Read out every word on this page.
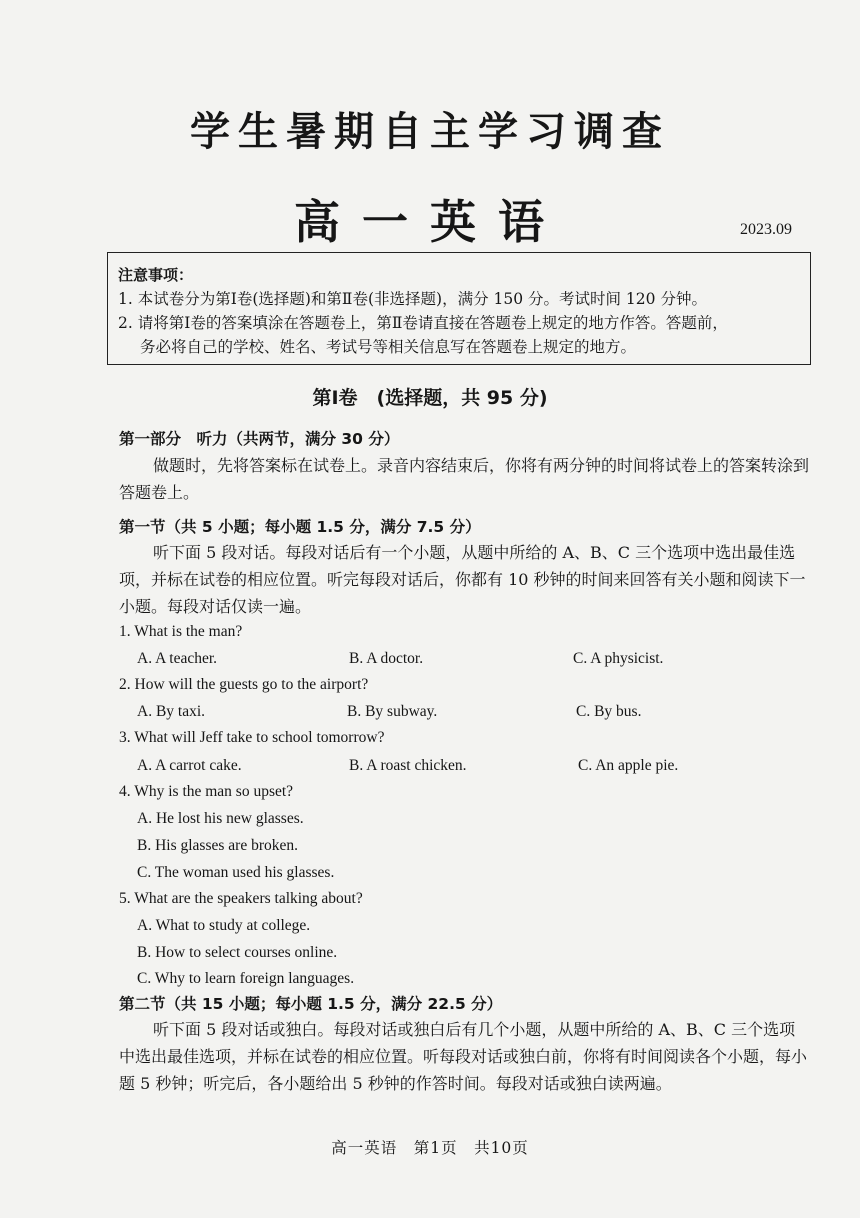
学生暑期自主学习调查
高一英语	2023.09
注意事项：
1. 本试卷分为第Ⅰ卷(选择题)和第Ⅱ卷(非选择题)，满分 150 分。考试时间 120 分钟。
2. 请将第Ⅰ卷的答案填涂在答题卷上，第Ⅱ卷请直接在答题卷上规定的地方作答。答题前，
务必将自己的学校、姓名、考试号等相关信息写在答题卷上规定的地方。
第Ⅰ卷　(选择题，共 95 分)
第一部分　听力（共两节，满分 30 分）
做题时，先将答案标在试卷上。录音内容结束后，你将有两分钟的时间将试卷上的答案转涂到答题卷上。
第一节（共 5 小题；每小题 1.5 分，满分 7.5 分）
听下面 5 段对话。每段对话后有一个小题，从题中所给的 A、B、C 三个选项中选出最佳选项，并标在试卷的相应位置。听完每段对话后，你都有 10 秒钟的时间来回答有关小题和阅读下一小题。每段对话仅读一遍。
1. What is the man?
A. A teacher.	B. A doctor.	C. A physicist.
2. How will the guests go to the airport?
A. By taxi.	B. By subway.	C. By bus.
3. What will Jeff take to school tomorrow?
A. A carrot cake.	B. A roast chicken.	C. An apple pie.
4. Why is the man so upset?
A. He lost his new glasses.
B. His glasses are broken.
C. The woman used his glasses.
5. What are the speakers talking about?
A. What to study at college.
B. How to select courses online.
C. Why to learn foreign languages.
第二节（共 15 小题；每小题 1.5 分，满分 22.5 分）
听下面 5 段对话或独白。每段对话或独白后有几个小题，从题中所给的 A、B、C 三个选项中选出最佳选项，并标在试卷的相应位置。听每段对话或独白前，你将有时间阅读各个小题，每小题 5 秒钟；听完后，各小题给出 5 秒钟的作答时间。每段对话或独白读两遍。
高一英语　第1页　共10页
